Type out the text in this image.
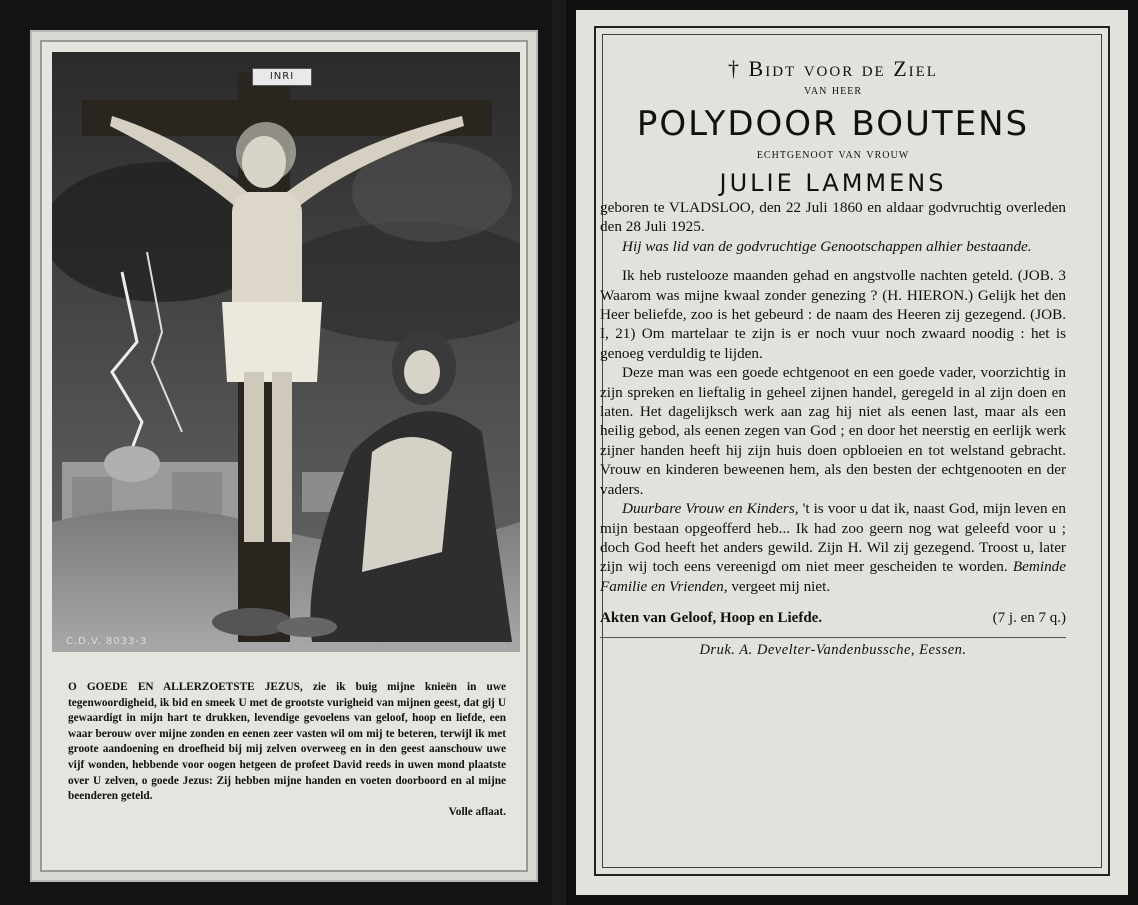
INRI
C.D.V. 8033-3
O GOEDE EN ALLERZOETSTE JEZUS, zie ik buig mijne knieën in uwe tegenwoordigheid, ik bid en smeek U met de grootste vurigheid van mijnen geest, dat gij U gewaardigt in mijn hart te drukken, levendige gevoelens van geloof, hoop en liefde, een waar berouw over mijne zonden en eenen zeer vasten wil om mij te beteren, terwijl ik met groote aandoening en droefheid bij mij zelven overweeg en in den geest aanschouw uwe vijf wonden, hebbende voor oogen hetgeen de profeet David reeds in uwen mond plaatste over U zelven, o goede Jezus: Zij hebben mijne handen en voeten doorboord en al mijne beenderen geteld.
Volle aflaat.
† Bidt voor de Ziel
van heer
POLYDOOR BOUTENS
echtgenoot van vrouw
JULIE LAMMENS
geboren te VLADSLOO, den 22 Juli 1860 en aldaar godvruchtig overleden den 28 Juli 1925.
Hij was lid van de godvruchtige Genootschappen alhier bestaande.
Ik heb rustelooze maanden gehad en angstvolle nachten geteld. (JOB. 3 Waarom was mijne kwaal zonder genezing ? (H. HIERON.) Gelijk het den Heer beliefde, zoo is het gebeurd : de naam des Heeren zij gezegend. (JOB. I, 21) Om martelaar te zijn is er noch vuur noch zwaard noodig : het is genoeg verduldig te lijden.
Deze man was een goede echtgenoot en een goede vader, voorzichtig in zijn spreken en lieftalig in geheel zijnen handel, geregeld in al zijn doen en laten. Het dagelijksch werk aan zag hij niet als eenen last, maar als een heilig gebod, als eenen zegen van God ; en door het neerstig en eerlijk werk zijner handen heeft hij zijn huis doen opbloeien en tot welstand gebracht. Vrouw en kinderen beweenen hem, als den besten der echtgenooten en der vaders.
Duurbare Vrouw en Kinders, 't is voor u dat ik, naast God, mijn leven en mijn bestaan opgeofferd heb... Ik had zoo geern nog wat geleefd voor u ; doch God heeft het anders gewild. Zijn H. Wil zij gezegend. Troost u, later zijn wij toch eens vereenigd om niet meer gescheiden te worden. Beminde Familie en Vrienden, vergeet mij niet.
Akten van Geloof, Hoop en Liefde.	(7 j. en 7 q.)
Druk. A. Develter-Vandenbussche, Eessen.
